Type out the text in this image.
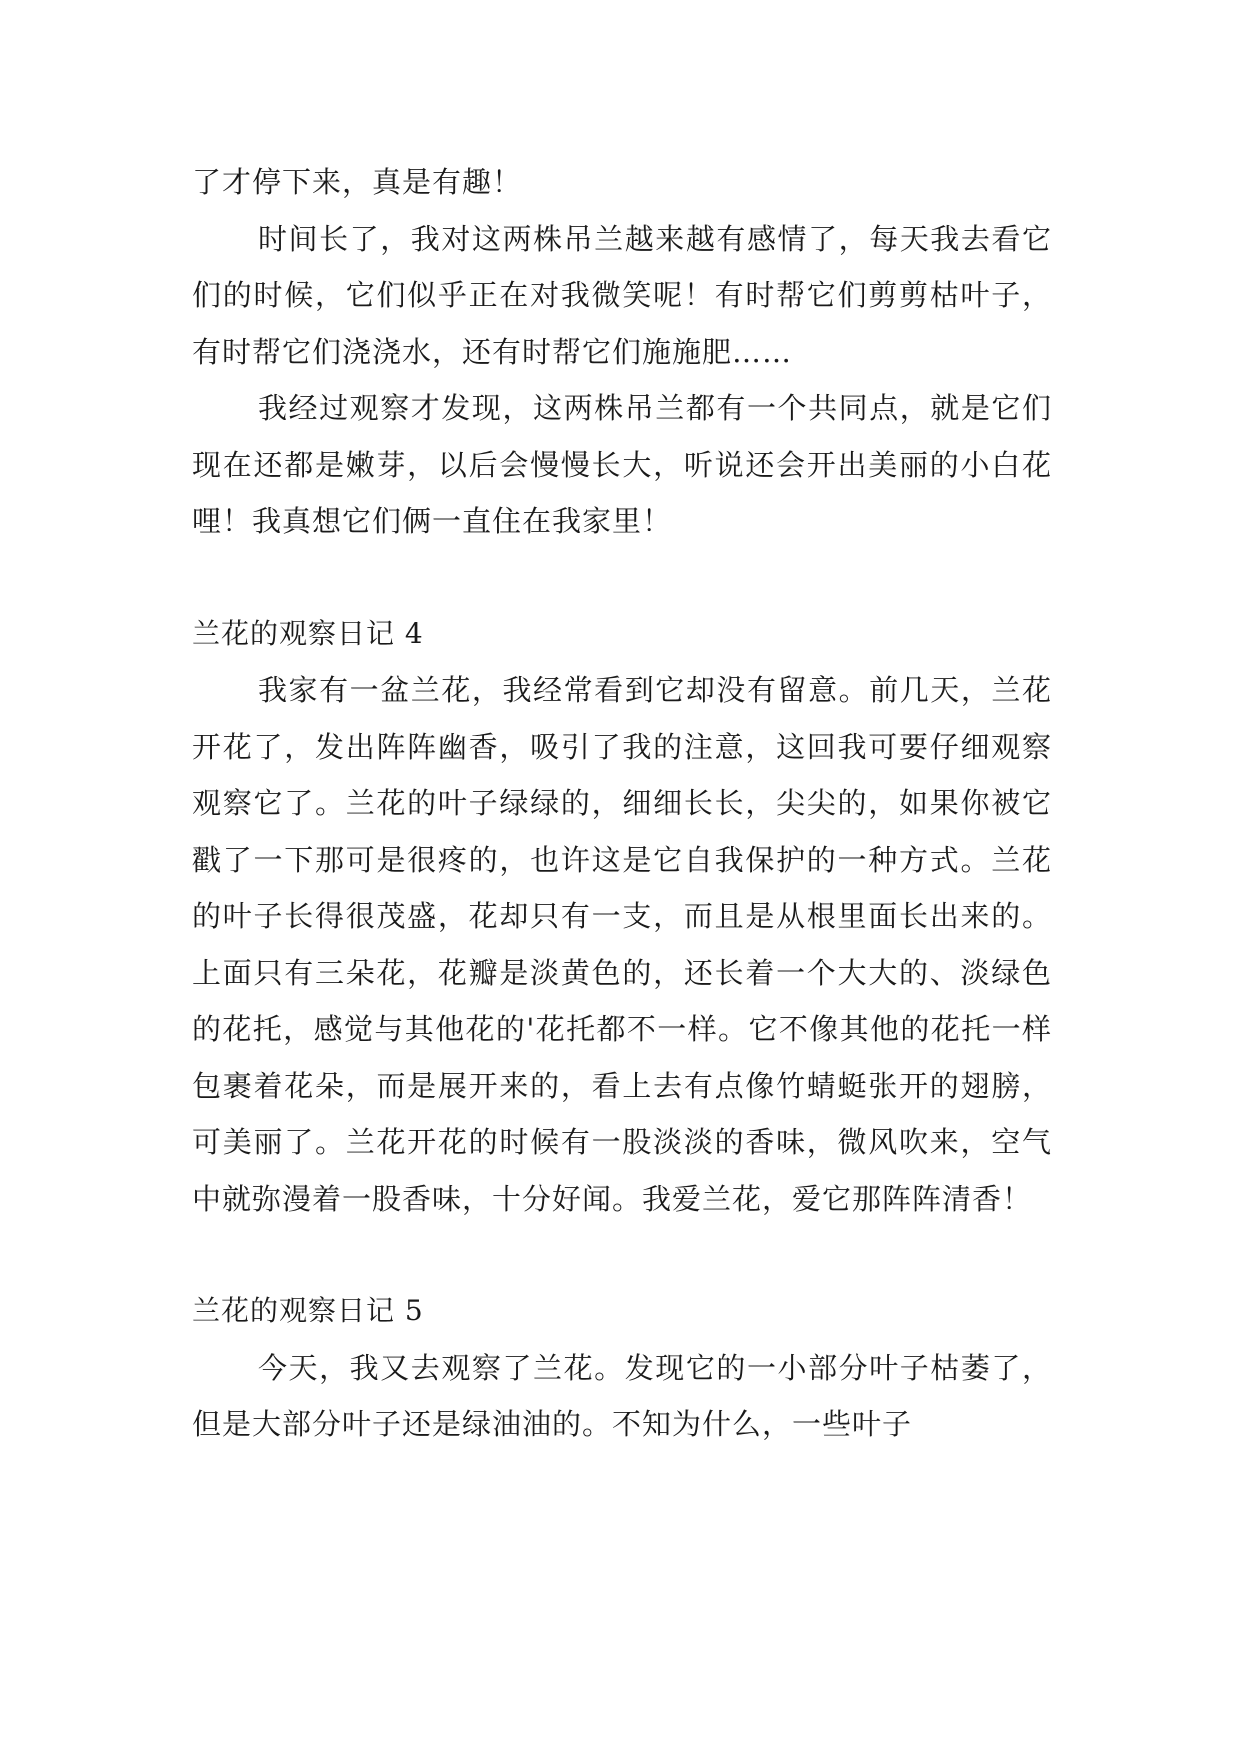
了才停下来，真是有趣！

时间长了，我对这两株吊兰越来越有感情了，每天我去看它们的时候，它们似乎正在对我微笑呢！有时帮它们剪剪枯叶子，有时帮它们浇浇水，还有时帮它们施施肥……

我经过观察才发现，这两株吊兰都有一个共同点，就是它们现在还都是嫩芽，以后会慢慢长大，听说还会开出美丽的小白花哩！我真想它们俩一直住在我家里！

兰花的观察日记 4

我家有一盆兰花，我经常看到它却没有留意。前几天，兰花开花了，发出阵阵幽香，吸引了我的注意，这回我可要仔细观察观察它了。兰花的叶子绿绿的，细细长长，尖尖的，如果你被它戳了一下那可是很疼的，也许这是它自我保护的一种方式。兰花的叶子长得很茂盛，花却只有一支，而且是从根里面长出来的。上面只有三朵花，花瓣是淡黄色的，还长着一个大大的、淡绿色的花托，感觉与其他花的'花托都不一样。它不像其他的花托一样包裹着花朵，而是展开来的，看上去有点像竹蜻蜓张开的翅膀，可美丽了。兰花开花的时候有一股淡淡的香味，微风吹来，空气中就弥漫着一股香味，十分好闻。我爱兰花，爱它那阵阵清香！

兰花的观察日记 5

今天，我又去观察了兰花。发现它的一小部分叶子枯萎了，但是大部分叶子还是绿油油的。不知为什么，一些叶子
